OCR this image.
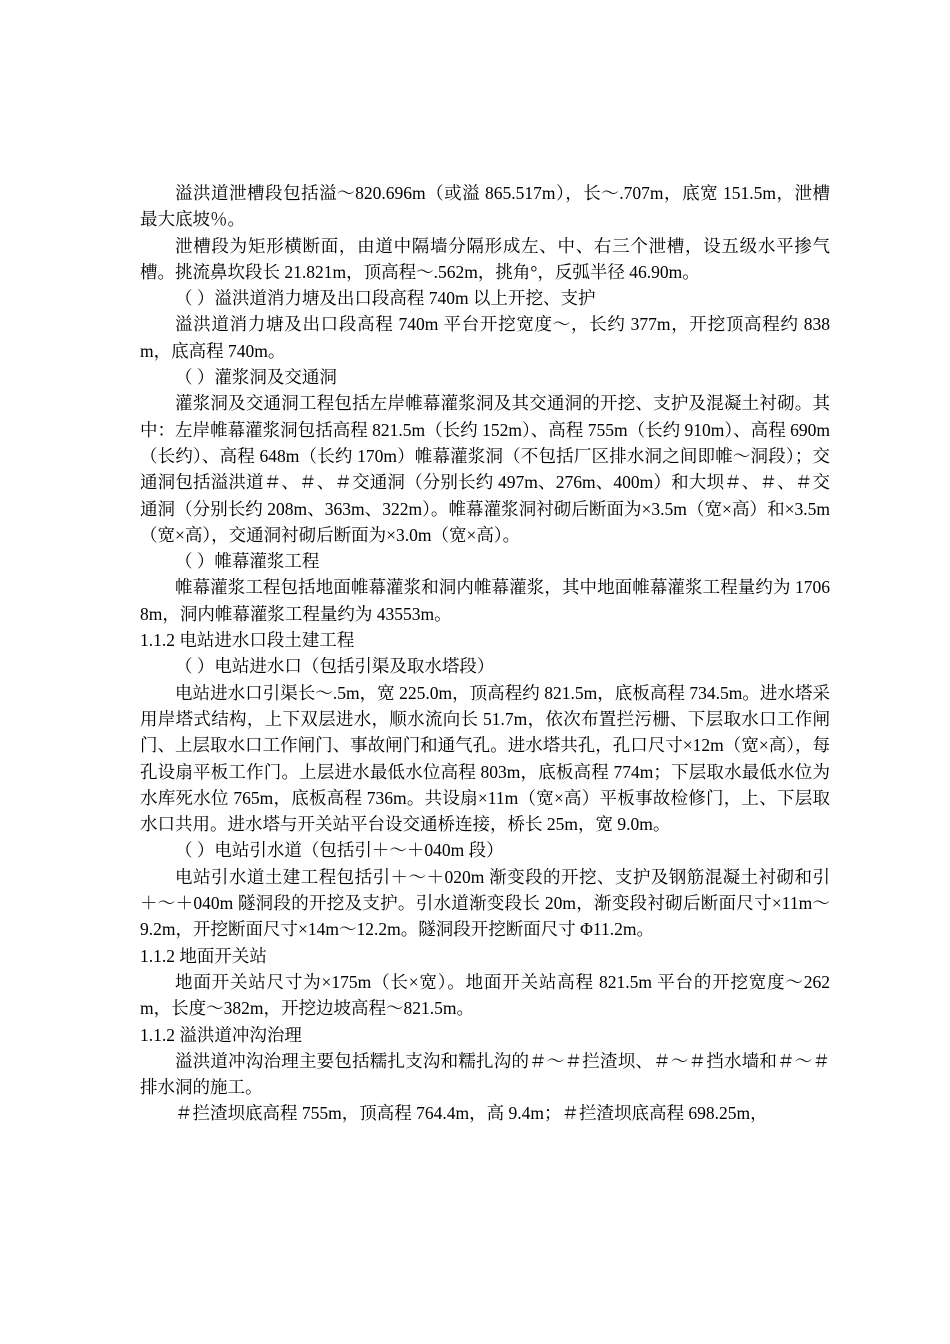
溢洪道泄槽段包括溢～820.696m（或溢 865.517m），长～.707m，底宽 151.5m，泄槽最大底坡％。

泄槽段为矩形横断面，由道中隔墙分隔形成左、中、右三个泄槽，设五级水平掺气槽。挑流鼻坎段长 21.821m，顶高程～.562m，挑角°，反弧半径 46.90m。

（ ）溢洪道消力塘及出口段高程 740m 以上开挖、支护

溢洪道消力塘及出口段高程 740m 平台开挖宽度～，长约 377m，开挖顶高程约 838m，底高程 740m。

（ ）灌浆洞及交通洞

灌浆洞及交通洞工程包括左岸帷幕灌浆洞及其交通洞的开挖、支护及混凝土衬砌。其中：左岸帷幕灌浆洞包括高程 821.5m（长约 152m）、高程 755m（长约 910m）、高程 690m（长约）、高程 648m（长约 170m）帷幕灌浆洞（不包括厂区排水洞之间即帷～洞段）；交通洞包括溢洪道＃、＃、＃交通洞（分别长约 497m、276m、400m）和大坝＃、＃、＃交通洞（分别长约 208m、363m、322m）。帷幕灌浆洞衬砌后断面为×3.5m（宽×高）和×3.5m（宽×高），交通洞衬砌后断面为×3.0m（宽×高）。

（ ）帷幕灌浆工程

帷幕灌浆工程包括地面帷幕灌浆和洞内帷幕灌浆，其中地面帷幕灌浆工程量约为 17068m，洞内帷幕灌浆工程量约为 43553m。

1.1.2 电站进水口段土建工程

（ ）电站进水口（包括引渠及取水塔段）

电站进水口引渠长～.5m，宽 225.0m，顶高程约 821.5m，底板高程 734.5m。进水塔采用岸塔式结构，上下双层进水，顺水流向长 51.7m，依次布置拦污栅、下层取水口工作闸门、上层取水口工作闸门、事故闸门和通气孔。进水塔共孔，孔口尺寸×12m（宽×高），每孔设扇平板工作门。上层进水最低水位高程 803m，底板高程 774m；下层取水最低水位为水库死水位 765m，底板高程 736m。共设扇×11m（宽×高）平板事故检修门，上、下层取水口共用。进水塔与开关站平台设交通桥连接，桥长 25m，宽 9.0m。

（ ）电站引水道（包括引＋～＋040m 段）

电站引水道土建工程包括引＋～＋020m 渐变段的开挖、支护及钢筋混凝土衬砌和引＋～＋040m 隧洞段的开挖及支护。引水道渐变段长 20m，渐变段衬砌后断面尺寸×11m～9.2m，开挖断面尺寸×14m～12.2m。隧洞段开挖断面尺寸 Φ11.2m。

1.1.2 地面开关站

地面开关站尺寸为×175m（长×宽）。地面开关站高程 821.5m 平台的开挖宽度～262m，长度～382m，开挖边坡高程～821.5m。

1.1.2 溢洪道冲沟治理

溢洪道冲沟治理主要包括糯扎支沟和糯扎沟的＃～＃拦渣坝、＃～＃挡水墙和＃～＃排水洞的施工。

＃拦渣坝底高程 755m，顶高程 764.4m，高 9.4m；＃拦渣坝底高程 698.25m，
